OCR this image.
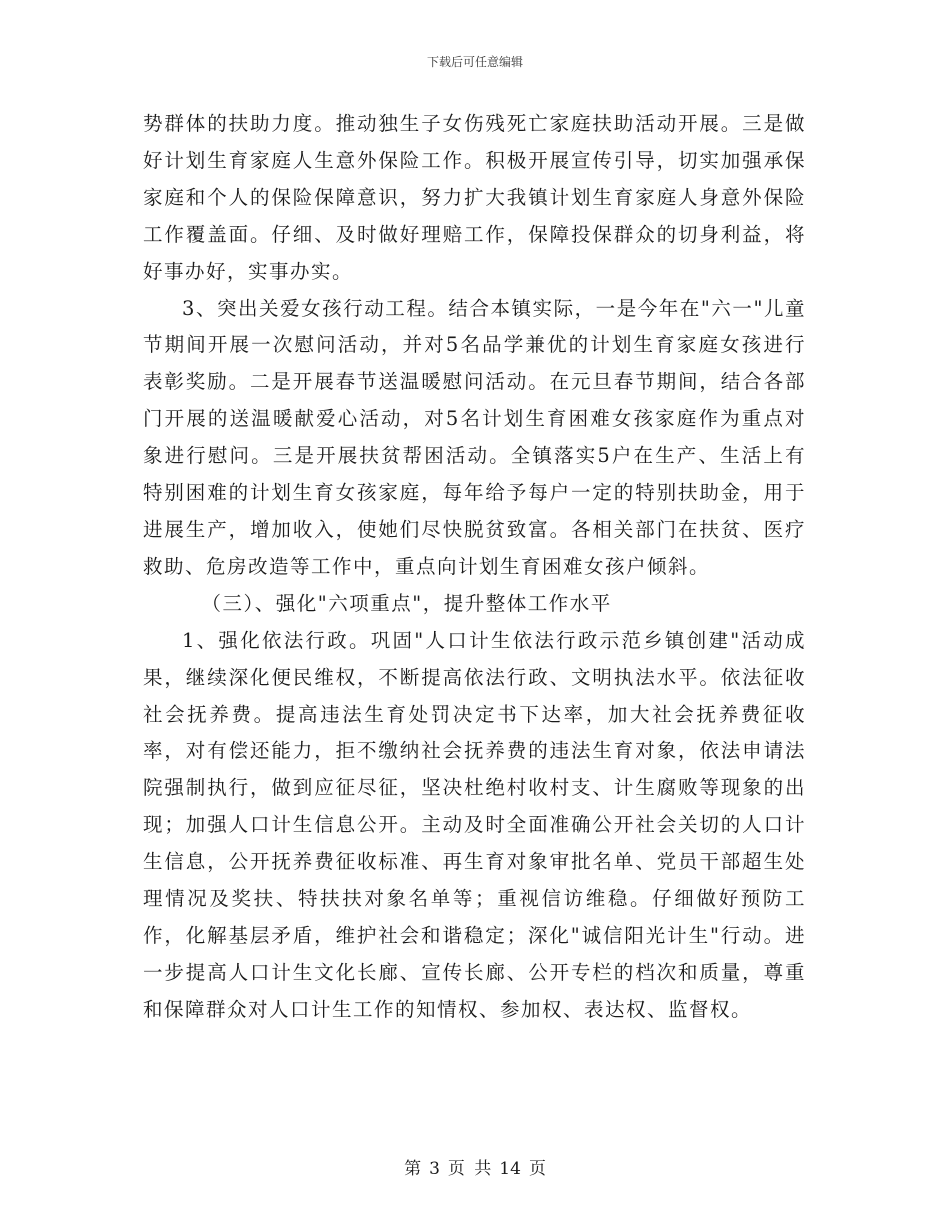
下载后可任意编辑

势群体的扶助力度。推动独生子女伤残死亡家庭扶助活动开展。三是做好计划生育家庭人生意外保险工作。积极开展宣传引导，切实加强承保家庭和个人的保险保障意识，努力扩大我镇计划生育家庭人身意外保险工作覆盖面。仔细、及时做好理赔工作，保障投保群众的切身利益，将好事办好，实事办实。

3、突出关爱女孩行动工程。结合本镇实际，一是今年在"六一"儿童节期间开展一次慰问活动，并对5名品学兼优的计划生育家庭女孩进行表彰奖励。二是开展春节送温暖慰问活动。在元旦春节期间，结合各部门开展的送温暖献爱心活动，对5名计划生育困难女孩家庭作为重点对象进行慰问。三是开展扶贫帮困活动。全镇落实5户在生产、生活上有特别困难的计划生育女孩家庭，每年给予每户一定的特别扶助金，用于进展生产，增加收入，使她们尽快脱贫致富。各相关部门在扶贫、医疗救助、危房改造等工作中，重点向计划生育困难女孩户倾斜。

（三）、强化"六项重点"，提升整体工作水平

1、强化依法行政。巩固"人口计生依法行政示范乡镇创建"活动成果，继续深化便民维权，不断提高依法行政、文明执法水平。依法征收社会抚养费。提高违法生育处罚决定书下达率，加大社会抚养费征收率，对有偿还能力，拒不缴纳社会抚养费的违法生育对象，依法申请法院强制执行，做到应征尽征，坚决杜绝村收村支、计生腐败等现象的出现；加强人口计生信息公开。主动及时全面准确公开社会关切的人口计生信息，公开抚养费征收标准、再生育对象审批名单、党员干部超生处理情况及奖扶、特扶扶对象名单等；重视信访维稳。仔细做好预防工作，化解基层矛盾，维护社会和谐稳定；深化"诚信阳光计生"行动。进一步提高人口计生文化长廊、宣传长廊、公开专栏的档次和质量，尊重和保障群众对人口计生工作的知情权、参加权、表达权、监督权。

第 3 页 共 14 页
